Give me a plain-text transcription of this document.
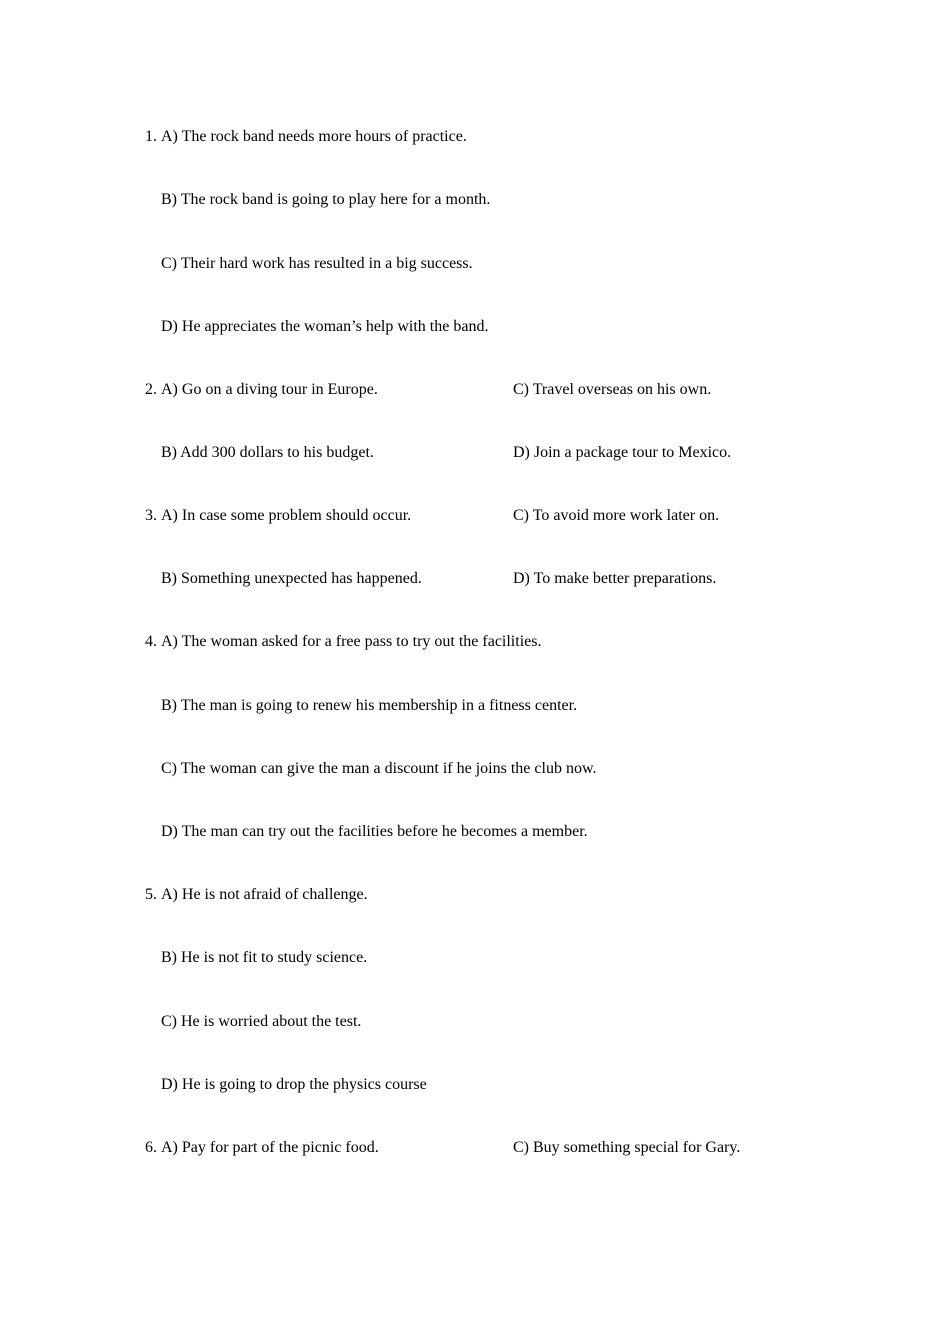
1. A) The rock band needs more hours of practice.
B) The rock band is going to play here for a month.
C) Their hard work has resulted in a big success.
D) He appreciates the woman’s help with the band.
2. A) Go on a diving tour in Europe.	C) Travel overseas on his own.
B) Add 300 dollars to his budget.	D) Join a package tour to Mexico.
3. A) In case some problem should occur.	C) To avoid more work later on.
B) Something unexpected has happened.	D) To make better preparations.
4. A) The woman asked for a free pass to try out the facilities.
B) The man is going to renew his membership in a fitness center.
C) The woman can give the man a discount if he joins the club now.
D) The man can try out the facilities before he becomes a member.
5. A) He is not afraid of challenge.
B) He is not fit to study science.
C) He is worried about the test.
D) He is going to drop the physics course
6. A) Pay for part of the picnic food.	C) Buy something special for Gary.
